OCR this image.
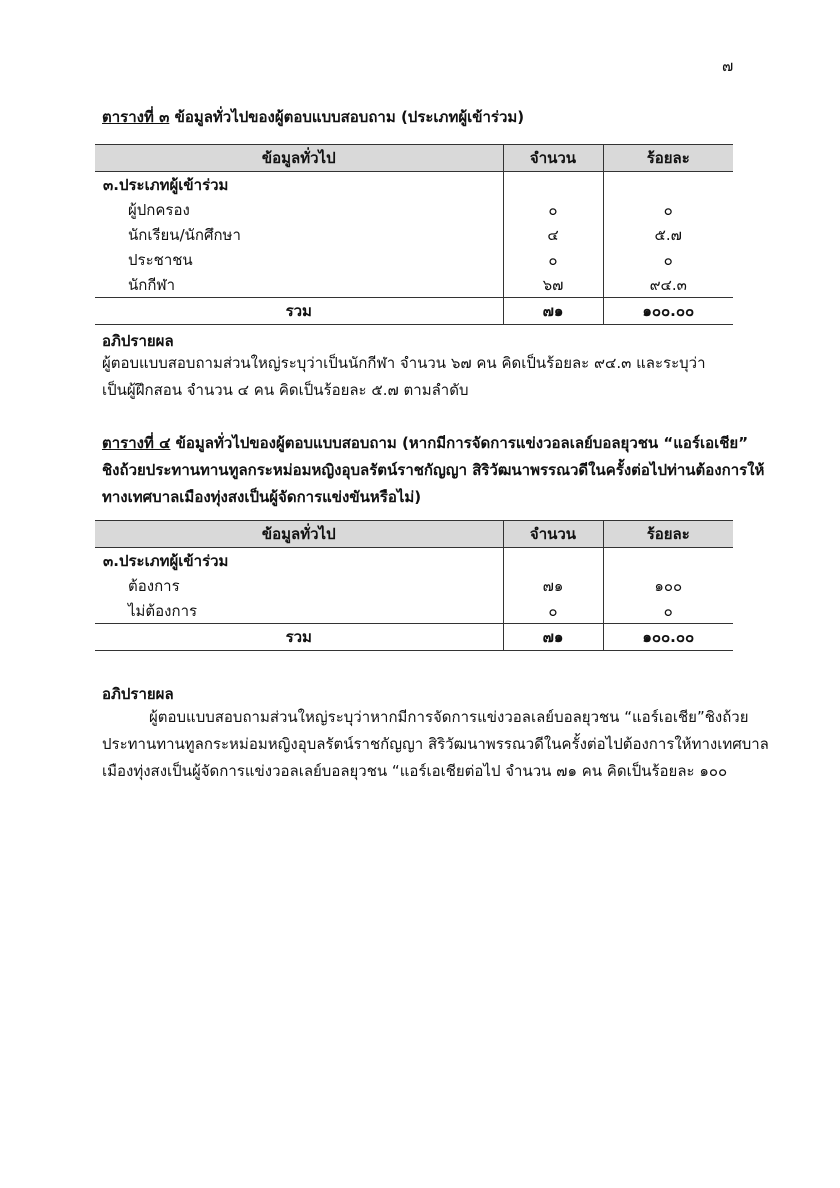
๗
ตารางที่ ๓ ข้อมูลทั่วไปของผู้ตอบแบบสอบถาม (ประเภทผู้เข้าร่วม)
ข้อมูลทั่วไป	จำนวน	ร้อยละ
๓.ประเภทผู้เข้าร่วม		
ผู้ปกครอง	๐	๐
นักเรียน/นักศึกษา	๔	๕.๗
ประชาชน	๐	๐
นักกีฬา	๖๗	๙๔.๓
รวม	๗๑	๑๐๐.๐๐
อภิปรายผล
ผู้ตอบแบบสอบถามส่วนใหญ่ระบุว่าเป็นนักกีฬา จำนวน ๖๗ คน คิดเป็นร้อยละ ๙๔.๓ และระบุว่า
เป็นผู้ฝึกสอน จำนวน ๔ คน คิดเป็นร้อยละ ๕.๗ ตามลำดับ
ตารางที่ ๔ ข้อมูลทั่วไปของผู้ตอบแบบสอบถาม (หากมีการจัดการแข่งวอลเลย์บอลยุวชน “แอร์เอเชีย”
ชิงถ้วยประทานทานทูลกระหม่อมหญิงอุบลรัตน์ราชกัญญา สิริวัฒนาพรรณวดีในครั้งต่อไปท่านต้องการให้
ทางเทศบาลเมืองทุ่งสงเป็นผู้จัดการแข่งขันหรือไม่)
ข้อมูลทั่วไป	จำนวน	ร้อยละ
๓.ประเภทผู้เข้าร่วม		
ต้องการ	๗๑	๑๐๐
ไม่ต้องการ	๐	๐
รวม	๗๑	๑๐๐.๐๐
อภิปรายผล
ผู้ตอบแบบสอบถามส่วนใหญ่ระบุว่าหากมีการจัดการแข่งวอลเลย์บอลยุวชน “แอร์เอเชีย”ชิงถ้วย
ประทานทานทูลกระหม่อมหญิงอุบลรัตน์ราชกัญญา สิริวัฒนาพรรณวดีในครั้งต่อไปต้องการให้ทางเทศบาล
เมืองทุ่งสงเป็นผู้จัดการแข่งวอลเลย์บอลยุวชน “แอร์เอเชียต่อไป จำนวน ๗๑ คน คิดเป็นร้อยละ ๑๐๐
